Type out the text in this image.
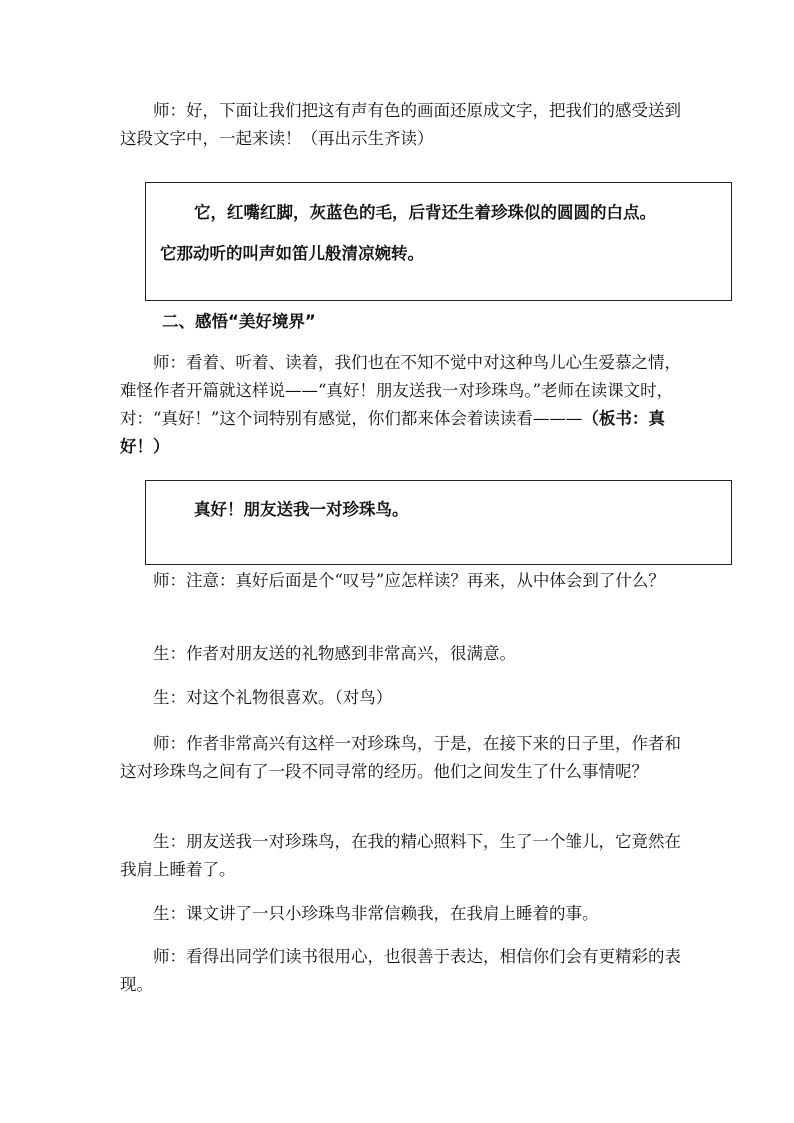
师：好，下面让我们把这有声有色的画面还原成文字，把我们的感受送到这段文字中，一起来读！（再出示生齐读）

它，红嘴红脚，灰蓝色的毛，后背还生着珍珠似的圆圆的白点。

它那动听的叫声如笛儿般清凉婉转。

二、感悟“美好境界”

师：看着、听着、读着，我们也在不知不觉中对这种鸟儿心生爱慕之情，难怪作者开篇就这样说——“真好！朋友送我一对珍珠鸟。”老师在读课文时，对：“真好！”这个词特别有感觉，你们都来体会着读读看———（板书：真好！）

真好！朋友送我一对珍珠鸟。

师：注意：真好后面是个“叹号”应怎样读？再来，从中体会到了什么？

生：作者对朋友送的礼物感到非常高兴，很满意。

生：对这个礼物很喜欢。（对鸟）

师：作者非常高兴有这样一对珍珠鸟，于是，在接下来的日子里，作者和这对珍珠鸟之间有了一段不同寻常的经历。他们之间发生了什么事情呢？

生：朋友送我一对珍珠鸟，在我的精心照料下，生了一个雏儿，它竟然在我肩上睡着了。

生：课文讲了一只小珍珠鸟非常信赖我，在我肩上睡着的事。

师：看得出同学们读书很用心，也很善于表达，相信你们会有更精彩的表现。
